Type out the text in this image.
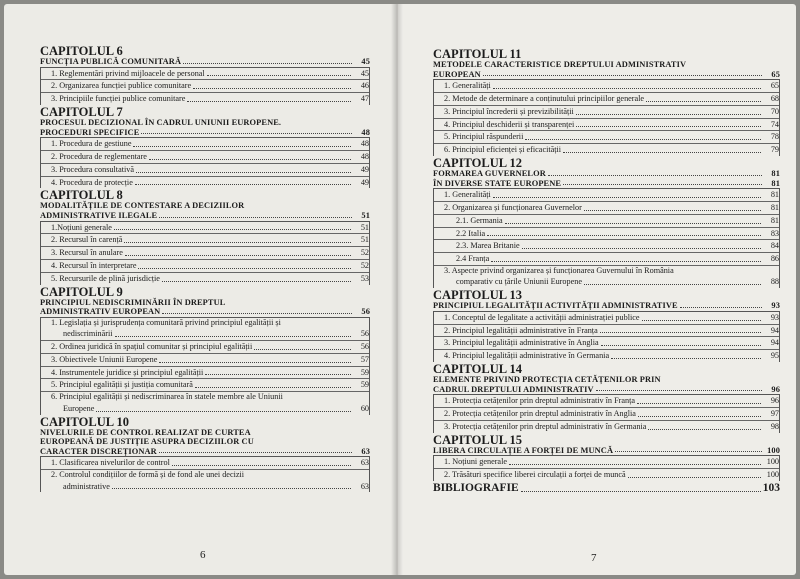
CAPITOLUL 6
FUNCȚIA PUBLICĂ COMUNITARĂ	45
1. Reglementări privind mijloacele de personal	45
2. Organizarea funcției publice comunitare	46
3. Principiile funcției publice comunitare	47
CAPITOLUL 7
PROCESUL DECIZIONAL ÎN CADRUL UNIUNII EUROPENE.
PROCEDURI SPECIFICE	48
1. Procedura de gestiune	48
2. Procedura de reglementare	48
3. Procedura consultativă	49
4. Procedura de protecție	49
CAPITOLUL 8
MODALITĂȚILE DE CONTESTARE A DECIZIILOR
ADMINISTRATIVE ILEGALE	51
1.Noțiuni generale	51
2. Recursul în carență	51
3. Recursul în anulare	52
4. Recursul în interpretare	52
5. Recursurile de plină jurisdicție	53
CAPITOLUL 9
PRINCIPIUL NEDISCRIMINĂRII ÎN DREPTUL
ADMINISTRATIV EUROPEAN	56
1. Legislația și jurisprudența comunitară privind principiul egalității și
nediscriminării	56
2. Ordinea juridică în spațiul comunitar și principiul egalității	56
3. Obiectivele Uniunii Europene	57
4. Instrumentele juridice și principiul egalității	59
5. Principiul egalității și justiția comunitară	59
6. Principiul egalității și nediscriminarea în statele membre ale Uniunii
Europene	60
CAPITOLUL 10
NIVELURILE DE CONTROL REALIZAT DE CURTEA
EUROPEANĂ DE JUSTIȚIE ASUPRA DECIZIILOR CU
CARACTER DISCREȚIONAR	63
1. Clasificarea nivelurilor de control	63
2. Controlul condițiilor de formă și de fond ale unei decizii
administrative	63
6
CAPITOLUL 11
METODELE CARACTERISTICE DREPTULUI ADMINISTRATIV
EUROPEAN	65
1. Generalități	65
2. Metode de determinare a conținutului principiilor generale	68
3. Principiul încrederii și previzibilității	70
4. Principiul deschiderii și transparenței	74
5. Principiul răspunderii	78
6. Principiul eficienței și eficacității	79
CAPITOLUL 12
FORMAREA GUVERNELOR	81
ÎN DIVERSE STATE EUROPENE	81
1. Generalități	81
2. Organizarea și funcționarea Guvernelor	81
2.1. Germania	81
2.2 Italia	83
2.3. Marea Britanie	84
2.4 Franța	86
3. Aspecte privind organizarea și funcționarea Guvernului în România
comparativ cu țările Uniunii Europene	88
CAPITOLUL 13
PRINCIPIUL LEGALITĂȚII ACTIVITĂȚII ADMINISTRATIVE	93
1. Conceptul de legalitate a activității administrației publice	93
2. Principiul legalității administrative în Franța	94
3. Principiul legalității administrative în Anglia	94
4. Principiul legalității administrative în Germania	95
CAPITOLUL 14
ELEMENTE PRIVIND PROTECȚIA CETĂȚENILOR PRIN
CADRUL DREPTULUI ADMINISTRATIV	96
1. Protecția cetățenilor prin dreptul administrativ în Franța	96
2. Protecția cetățenilor prin dreptul administrativ în Anglia	97
3. Protecția cetățenilor prin dreptul administrativ în Germania	98
CAPITOLUL 15
LIBERA CIRCULAȚIE A FORȚEI DE MUNCĂ	100
1. Noțiuni generale	100
2. Trăsături specifice liberei circulații a forței de muncă	100
BIBLIOGRAFIE	103
7
